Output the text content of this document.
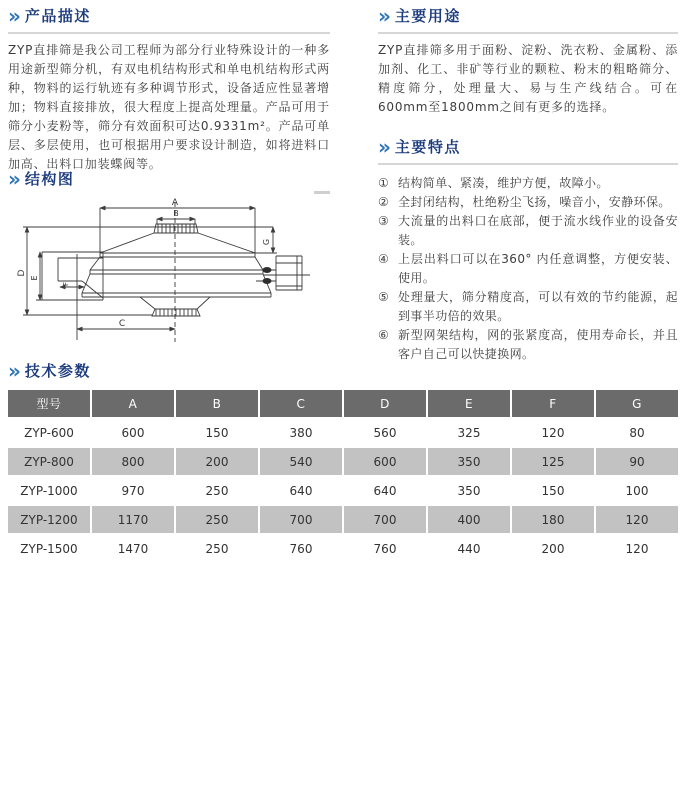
» 产品描述

ZYP直排筛是我公司工程师为部分行业特殊设计的一种多用途新型筛分机，有双电机结构形式和单电机结构形式两种，物料的运行轨迹有多种调节形式，设备适应性显著增加；物料直接排放，很大程度上提高处理量。产品可用于筛分小麦粉等，筛分有效面积可达0.9331m²。产品可单层、多层使用，也可根据用户要求设计制造，如将进料口加高、出料口加装蝶阀等。

» 结构图
A
B
C
D
E
F
G
» 主要用途

ZYP直排筛多用于面粉、淀粉、洗衣粉、金属粉、添加剂、化工、非矿等行业的颗粒、粉末的粗略筛分、精度筛分，处理量大、易与生产线结合。可在600mm至1800mm之间有更多的选择。

» 主要特点
① 结构简单、紧凑，维护方便，故障小。
② 全封闭结构，杜绝粉尘飞扬，噪音小，安静环保。
③ 大流量的出料口在底部，便于流水线作业的设备安装。
④ 上层出料口可以在360° 内任意调整，方便安装、使用。
⑤ 处理量大，筛分精度高，可以有效的节约能源，起到事半功倍的效果。
⑥ 新型网架结构，网的张紧度高，使用寿命长，并且客户自己可以快捷换网。
» 技术参数
型号	A	B	C	D	E	F	G
ZYP-600	600	150	380	560	325	120	80
ZYP-800	800	200	540	600	350	125	90
ZYP-1000	970	250	640	640	350	150	100
ZYP-1200	1170	250	700	700	400	180	120
ZYP-1500	1470	250	760	760	440	200	120
